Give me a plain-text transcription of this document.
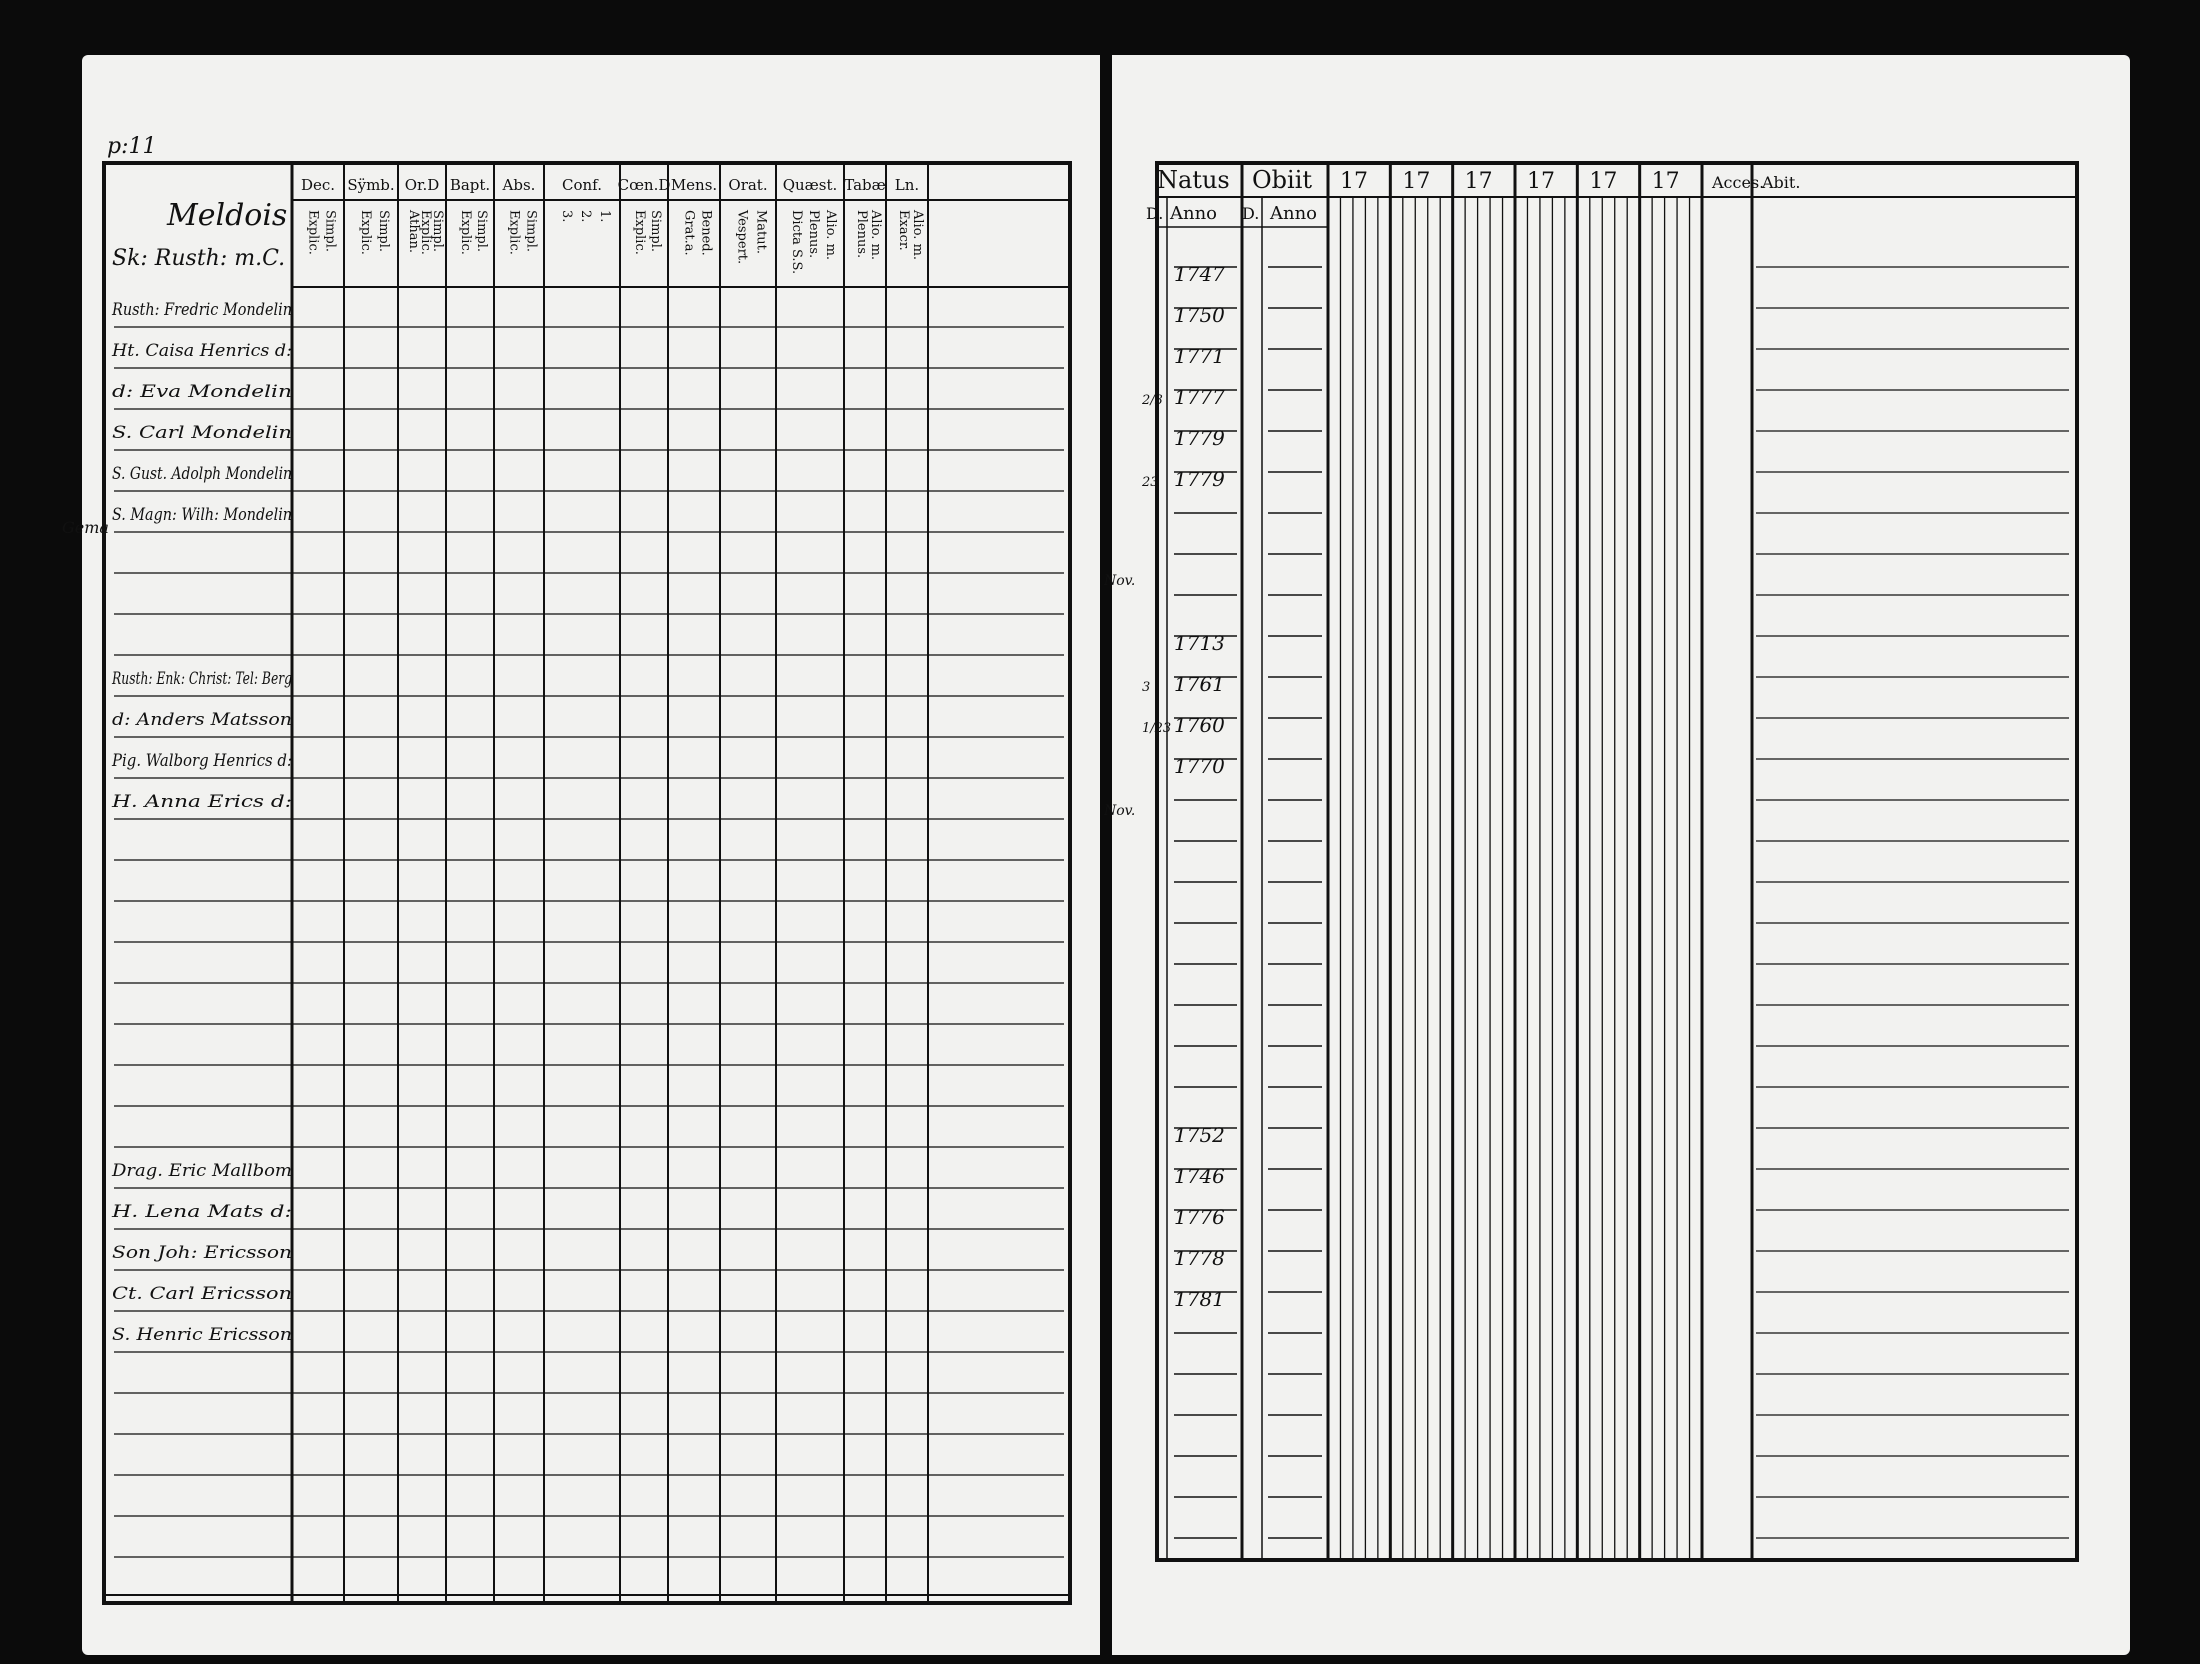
p:11
Meldois
Sk: Rusth: m.C.
Gema
Dec.
Explic. Simpl.
Sÿmb.
Explic. Simpl.
Or.D
Athan.
Explic.
Simpl.
Bapt.
Explic. Simpl.
Abs.
Explic. Simpl.
Conf.
3. 2. 1.
Cœn.D
Explic. Simpl.
Mens.
Grat.a. Bened.
Orat.
Vespert. Matut.
Quæst.
Dicta S.S. Plenus. Alio. m.
Tabæ
Plenus. Alio. m.
Ln.
Exacr. Alio. m.
Rusth: Fredric Mondelin
Ht. Caisa Henrics d:
d: Eva Mondelin
S. Carl Mondelin
S. Gust. Adolph Mondelin
S. Magn: Wilh: Mondelin
Rusth: Enk: Christ: Tel: Berg
d: Anders Matsson
Pig. Walborg Henrics d:
H. Anna Erics d:
Drag. Eric Mallbom
H. Lena Mats d:
Son Joh: Ericsson
Ct. Carl Ericsson
S. Henric Ericsson
Natus Obiit	Acces.
Abit.
D. Anno D. Anno
Nov.
Nov.
17 17 17 17 17 17
1747
1750
1771
2/3 1777
1779
23 1779
1713
3 1761
1/23 1760
1770
1752
1746
1776
1778
1781
